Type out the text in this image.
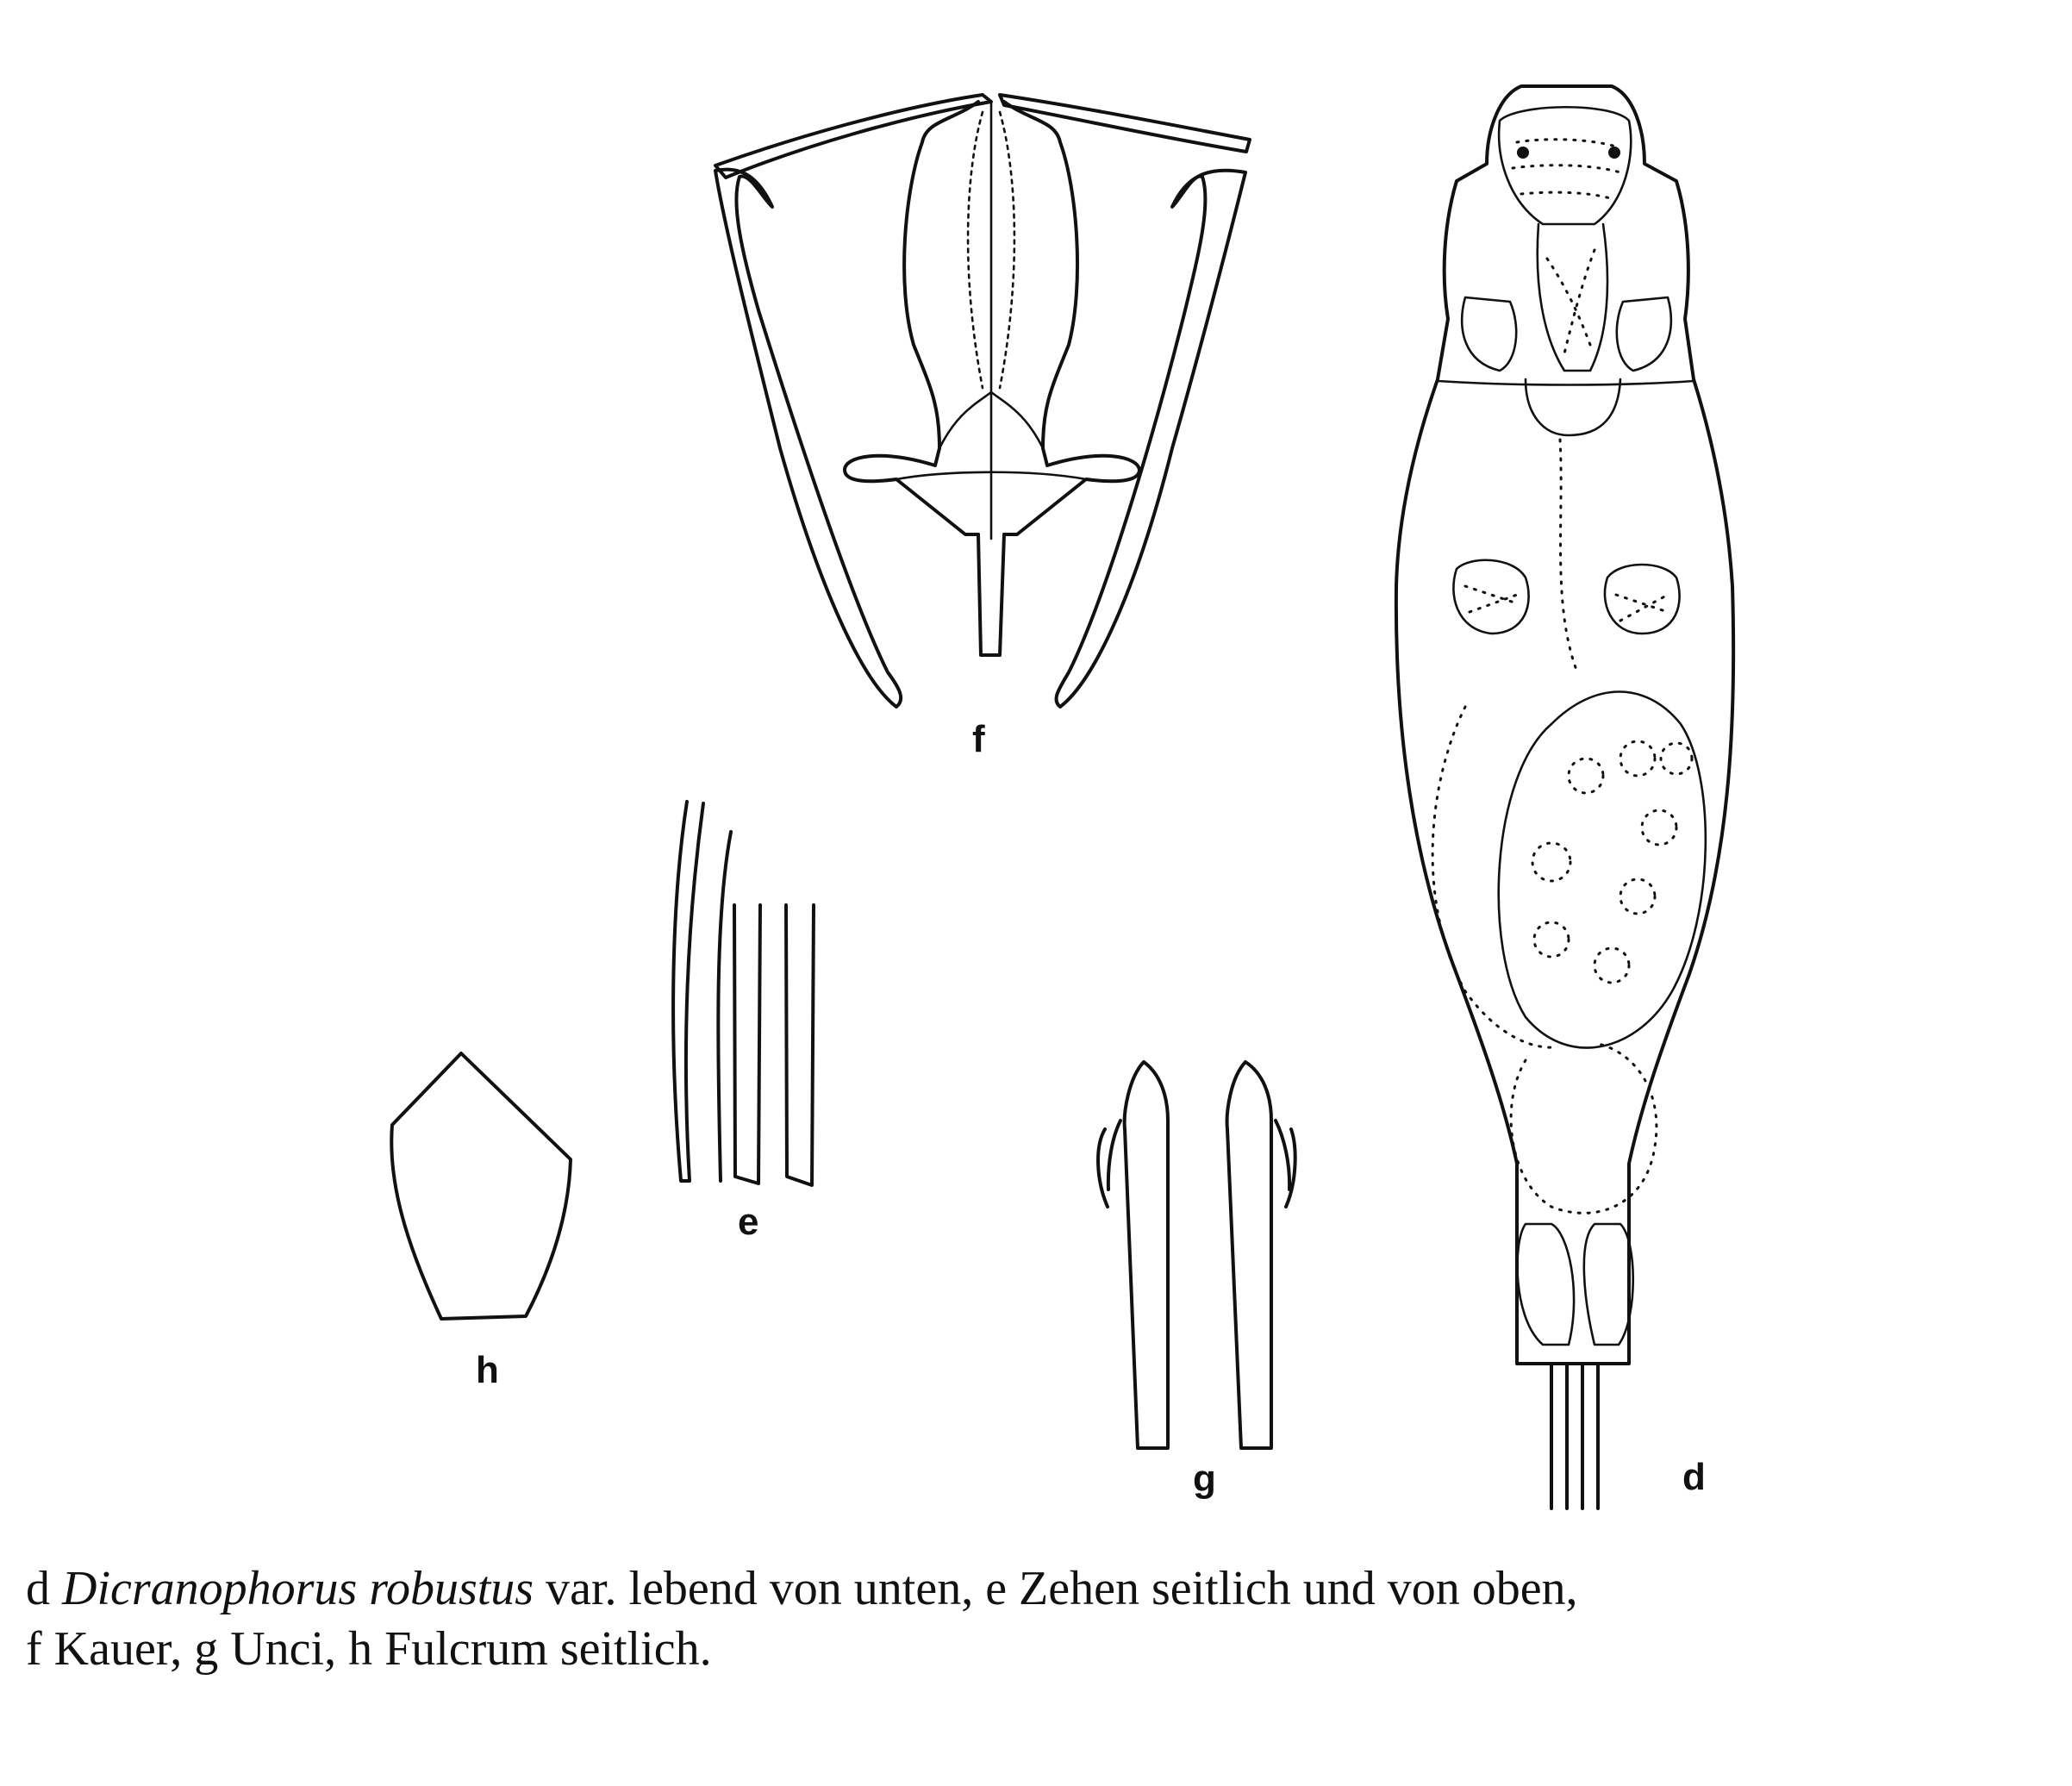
f
e
h
g	d
d Dicranophorus robustus var. lebend von unten, e Zehen seitlich und von oben,
f Kauer, g Unci, h Fulcrum seitlich.
